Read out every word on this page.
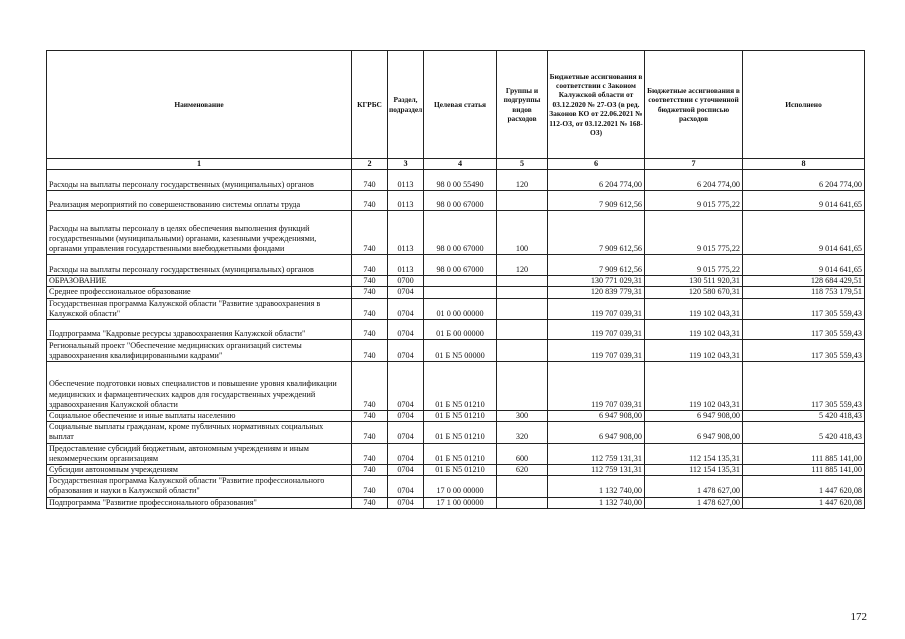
Наименование	КГРБС	Раздел, подраздел	Целевая статья	Группы и подгруппы видов расходов	Бюджетные ассигнования в соответствии с Законом Калужской области от 03.12.2020 № 27-ОЗ (в ред. Законов КО от 22.06.2021 № 112-ОЗ, от 03.12.2021 № 168-ОЗ)	Бюджетные ассигнования в соответствии с уточненной бюджетной росписью расходов	Исполнено
1	2	3	4	5	6	7	8
Расходы на выплаты персоналу государственных (муниципальных) органов	740	0113	98 0 00 55490	120	6 204 774,00	6 204 774,00	6 204 774,00
Реализация мероприятий по совершенствованию системы оплаты труда	740	0113	98 0 00 67000		7 909 612,56	9 015 775,22	9 014 641,65
Расходы на выплаты персоналу в целях обеспечения выполнения функций государственными (муниципальными) органами, казенными учреждениями, органами управления государственными внебюджетными фондами	740	0113	98 0 00 67000	100	7 909 612,56	9 015 775,22	9 014 641,65
Расходы на выплаты персоналу государственных (муниципальных) органов	740	0113	98 0 00 67000	120	7 909 612,56	9 015 775,22	9 014 641,65
ОБРАЗОВАНИЕ	740	0700			130 771 029,31	130 511 920,31	128 684 429,51
Среднее профессиональное образование	740	0704			120 839 779,31	120 580 670,31	118 753 179,51
Государственная программа Калужской области "Развитие здравоохранения в Калужской области"	740	0704	01 0 00 00000		119 707 039,31	119 102 043,31	117 305 559,43
Подпрограмма "Кадровые ресурсы здравоохранения Калужской области"	740	0704	01 Б 00 00000		119 707 039,31	119 102 043,31	117 305 559,43
Региональный проект "Обеспечение медицинских организаций системы здравоохранения квалифицированными кадрами"	740	0704	01 Б N5 00000		119 707 039,31	119 102 043,31	117 305 559,43
Обеспечение подготовки новых специалистов и повышение уровня квалификации медицинских и фармацевтических кадров для государственных учреждений здравоохранения Калужской области	740	0704	01 Б N5 01210		119 707 039,31	119 102 043,31	117 305 559,43
Социальное обеспечение и иные выплаты населению	740	0704	01 Б N5 01210	300	6 947 908,00	6 947 908,00	5 420 418,43
Социальные выплаты гражданам, кроме публичных нормативных социальных выплат	740	0704	01 Б N5 01210	320	6 947 908,00	6 947 908,00	5 420 418,43
Предоставление субсидий бюджетным, автономным учреждениям и иным некоммерческим организациям	740	0704	01 Б N5 01210	600	112 759 131,31	112 154 135,31	111 885 141,00
Субсидии автономным учреждениям	740	0704	01 Б N5 01210	620	112 759 131,31	112 154 135,31	111 885 141,00
Государственная программа Калужской области "Развитие профессионального образования и науки в Калужской области"	740	0704	17 0 00 00000		1 132 740,00	1 478 627,00	1 447 620,08
Подпрограмма "Развитие профессионального образования"	740	0704	17 1 00 00000		1 132 740,00	1 478 627,00	1 447 620,08
172
